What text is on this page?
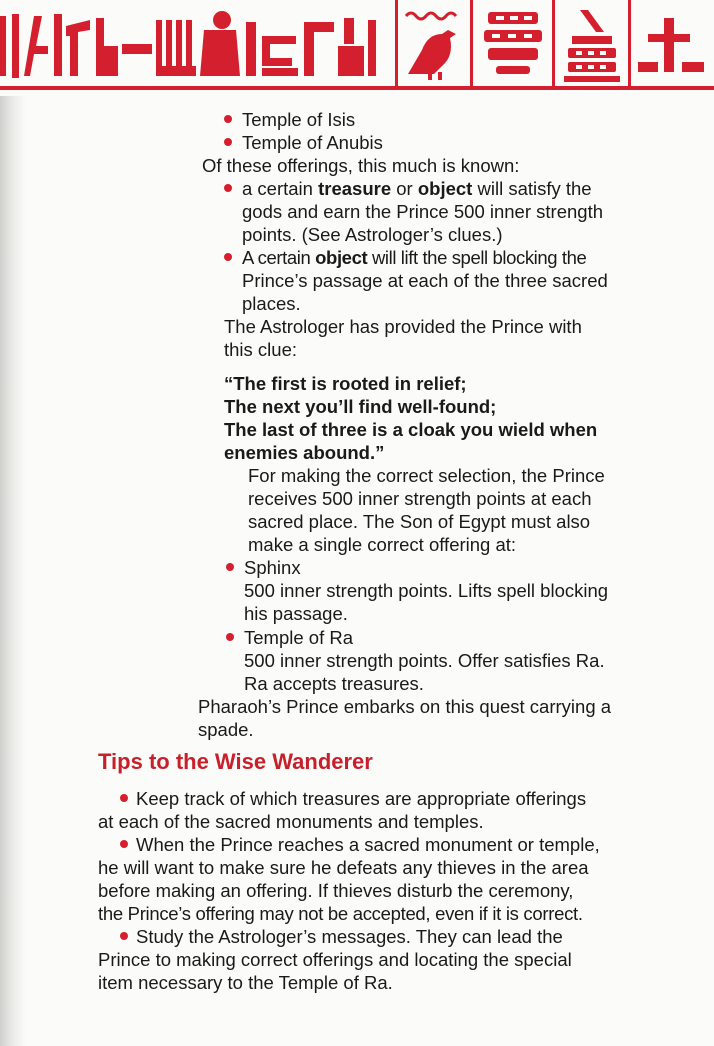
Temple of Isis
Temple of Anubis
Of these offerings, this much is known:
a certain treasure or object will satisfy the
gods and earn the Prince 500 inner strength
points. (See Astrologer’s clues.)
A certain object will lift the spell blocking the
Prince’s passage at each of the three sacred
places.
The Astrologer has provided the Prince with
this clue:
“The first is rooted in relief;
The next you’ll find well-found;
The last of three is a cloak you wield when
enemies abound.”
For making the correct selection, the Prince
receives 500 inner strength points at each
sacred place. The Son of Egypt must also
make a single correct offering at:
Sphinx
500 inner strength points. Lifts spell blocking
his passage.
Temple of Ra
500 inner strength points. Offer satisfies Ra.
Ra accepts treasures.
Pharaoh’s Prince embarks on this quest carrying a
spade.
Tips to the Wise Wanderer
Keep track of which treasures are appropriate offerings
at each of the sacred monuments and temples.
When the Prince reaches a sacred monument or temple,
he will want to make sure he defeats any thieves in the area
before making an offering. If thieves disturb the ceremony,
the Prince’s offering may not be accepted, even if it is correct.
Study the Astrologer’s messages. They can lead the
Prince to making correct offerings and locating the special
item necessary to the Temple of Ra.
